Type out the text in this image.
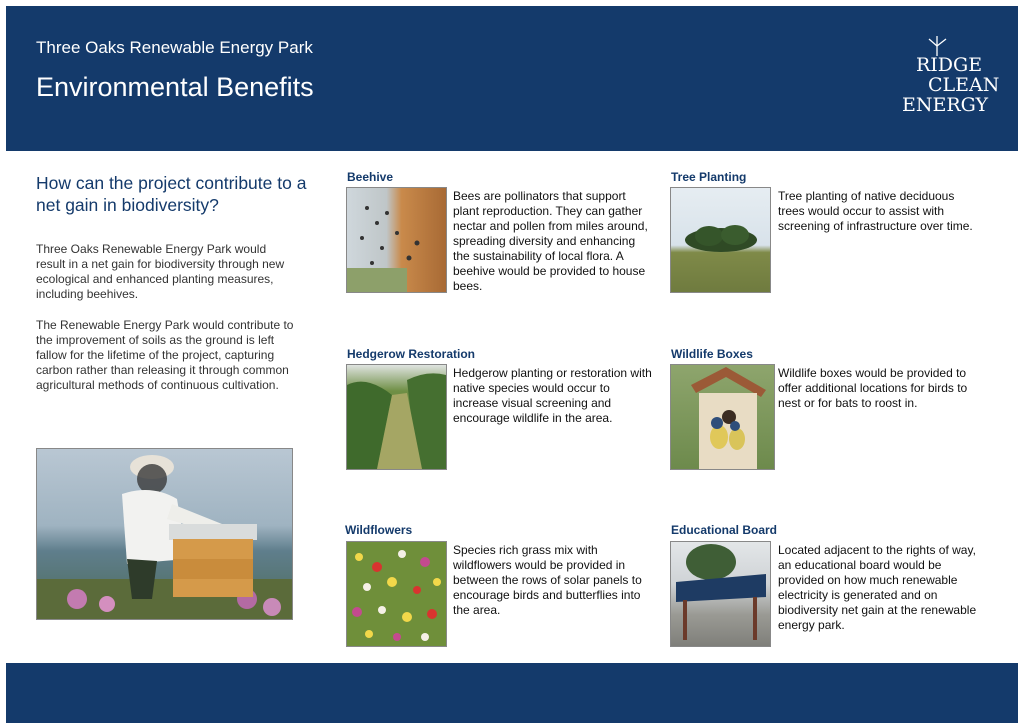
Three Oaks Renewable Energy Park
Environmental Benefits
RIDGE
CLEAN
ENERGY
How can the project contribute to a net gain in biodiversity?

Three Oaks Renewable Energy Park would result in a net gain for biodiversity through new ecological and enhanced planting measures, including beehives.

The Renewable Energy Park would contribute to the improvement of soils as the ground is left fallow for the lifetime of the project, capturing carbon rather than releasing it through common agricultural methods of continuous cultivation.

Beehive

Bees are pollinators that support plant reproduction. They can gather nectar and pollen from miles around, spreading diversity and enhancing the sustainability of local flora. A beehive would be provided to house bees.

Tree Planting

Tree planting of native deciduous trees would occur to assist with screening of infrastructure over time.

Hedgerow Restoration

Hedgerow planting or restoration with native species would occur to increase visual screening and encourage wildlife in the area.

Wildlife Boxes

Wildlife boxes would be provided to offer additional locations for birds to nest or for bats to roost in.

Wildflowers

Species rich grass mix with wildflowers would be provided in between the rows of solar panels to encourage birds and butterflies into the area.

Educational Board

Located adjacent to the rights of way, an educational board would be provided on how much renewable electricity is generated and on biodiversity net gain at the renewable energy park.
